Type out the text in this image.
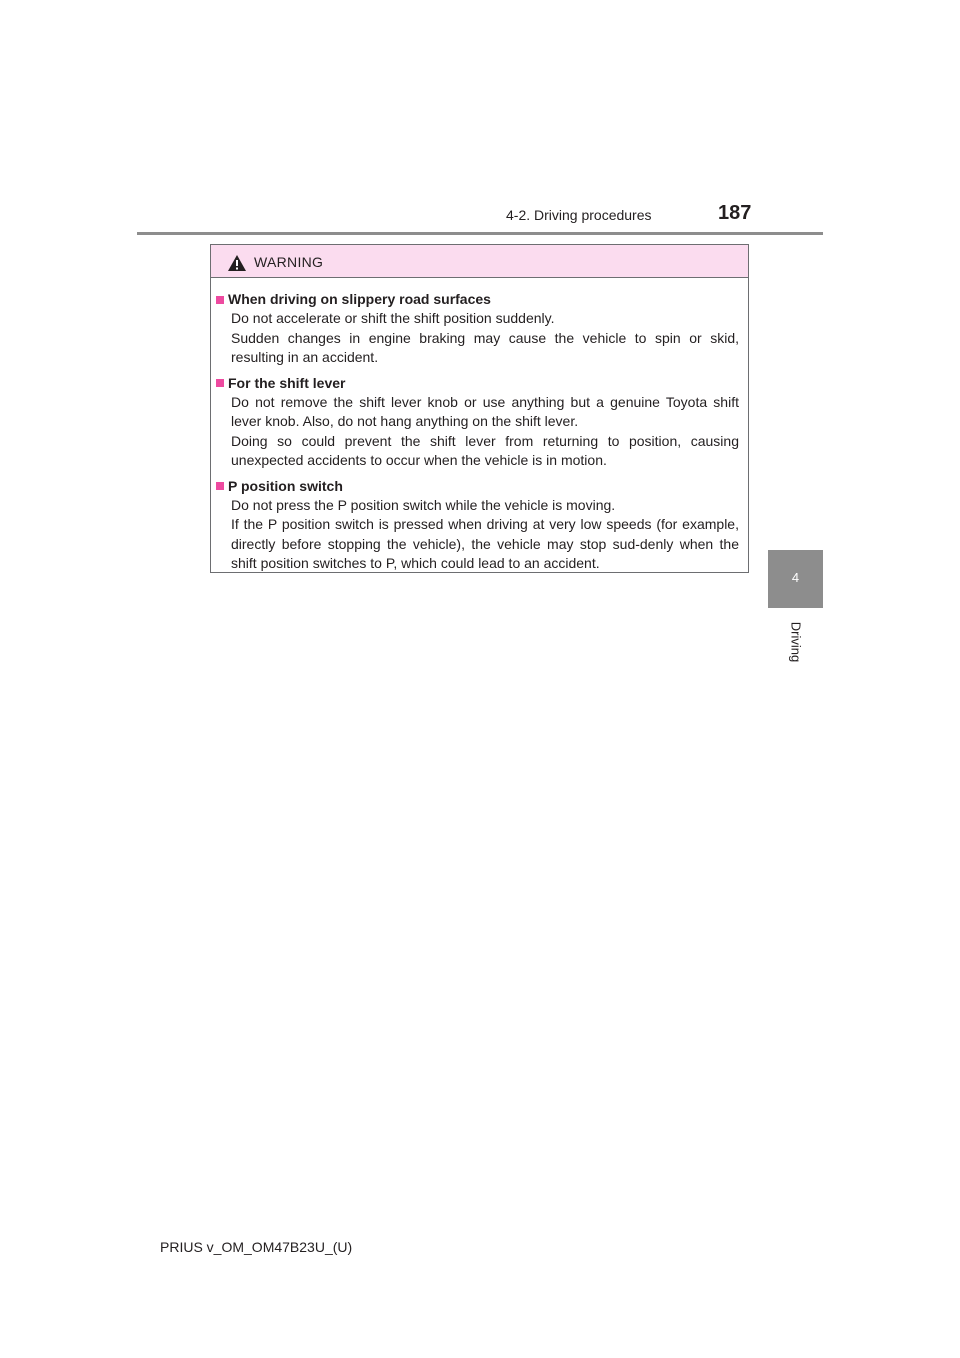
4-2. Driving procedures	187
4
Driving
WARNING
When driving on slippery road surfaces

Do not accelerate or shift the shift position suddenly.

Sudden changes in engine braking may cause the vehicle to spin or skid, resulting in an accident.

For the shift lever

Do not remove the shift lever knob or use anything but a genuine Toyota shift lever knob. Also, do not hang anything on the shift lever.

Doing so could prevent the shift lever from returning to position, causing unexpected accidents to occur when the vehicle is in motion.

P position switch

Do not press the P position switch while the vehicle is moving.

If the P position switch is pressed when driving at very low speeds (for example, directly before stopping the vehicle), the vehicle may stop sud-denly when the shift position switches to P, which could lead to an accident.

PRIUS v_OM_OM47B23U_(U)
